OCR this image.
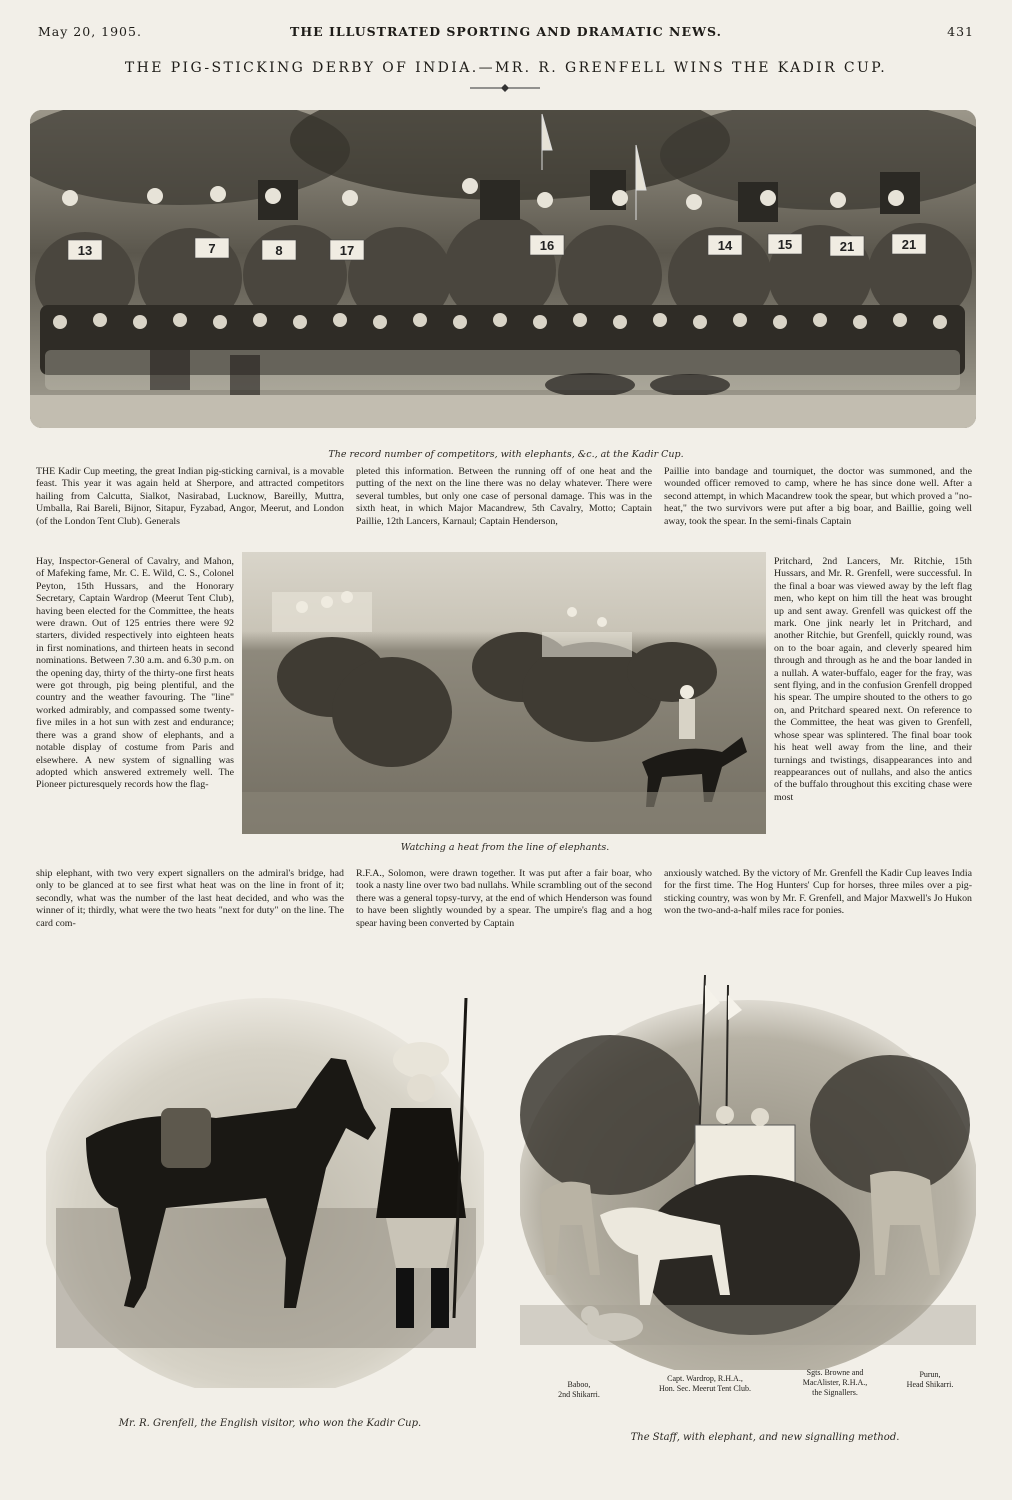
May 20, 1905.	THE ILLUSTRATED SPORTING AND DRAMATIC NEWS.	431
THE PIG-STICKING DERBY OF INDIA.—MR. R. GRENFELL WINS THE KADIR CUP.
13	7	8	17	16	14	15	21	21
The record number of competitors, with elephants, &c., at the Kadir Cup.
THE Kadir Cup meeting, the great Indian pig-sticking carnival, is a movable feast. This year it was again held at Sherpore, and attracted competitors hailing from Calcutta, Sialkot, Nasirabad, Lucknow, Bareilly, Muttra, Umballa, Rai Bareli, Bijnor, Sitapur, Fyzabad, Angor, Meerut, and London (of the London Tent Club). Generals
pleted this information. Between the running off of one heat and the putting of the next on the line there was no delay whatever. There were several tumbles, but only one case of personal damage. This was in the sixth heat, in which Major Macandrew, 5th Cavalry, Motto; Captain Paillie, 12th Lancers, Karnaul; Captain Henderson,
Paillie into bandage and tourniquet, the doctor was summoned, and the wounded officer removed to camp, where he has since done well. After a second attempt, in which Macandrew took the spear, but which proved a "no-heat," the two survivors were put after a big boar, and Baillie, going well away, took the spear. In the semi-finals Captain
Hay, Inspector-General of Cavalry, and Mahon, of Mafeking fame, Mr. C. E. Wild, C. S., Colonel Peyton, 15th Hussars, and the Honorary Secretary, Captain Wardrop (Meerut Tent Club), having been elected for the Committee, the heats were drawn. Out of 125 entries there were 92 starters, divided respectively into eighteen heats in first nominations, and thirteen heats in second nominations. Between 7.30 a.m. and 6.30 p.m. on the opening day, thirty of the thirty-one first heats were got through, pig being plentiful, and the country and the weather favouring. The "line" worked admirably, and compassed some twenty-five miles in a hot sun with zest and endurance; there was a grand show of elephants, and a notable display of costume from Paris and elsewhere. A new system of signalling was adopted which answered extremely well. The Pioneer picturesquely records how the flag-
Watching a heat from the line of elephants.
Pritchard, 2nd Lancers, Mr. Ritchie, 15th Hussars, and Mr. R. Grenfell, were successful. In the final a boar was viewed away by the left flag men, who kept on him till the heat was brought up and sent away. Grenfell was quickest off the mark. One jink nearly let in Pritchard, and another Ritchie, but Grenfell, quickly round, was on to the boar again, and cleverly speared him through and through as he and the boar landed in a nullah. A water-buffalo, eager for the fray, was sent flying, and in the confusion Grenfell dropped his spear. The umpire shouted to the others to go on, and Pritchard speared next. On reference to the Committee, the heat was given to Grenfell, whose spear was splintered. The final boar took his heat well away from the line, and their turnings and twistings, disappearances into and reappearances out of nullahs, and also the antics of the buffalo throughout this exciting chase were most
ship elephant, with two very expert signallers on the admiral's bridge, had only to be glanced at to see first what heat was on the line in front of it; secondly, what was the number of the last heat decided, and who was the winner of it; thirdly, what were the two heats "next for duty" on the line. The card com-
R.F.A., Solomon, were drawn together. It was put after a fair boar, who took a nasty line over two bad nullahs. While scrambling out of the second there was a general topsy-turvy, at the end of which Henderson was found to have been slightly wounded by a spear. The umpire's flag and a hog spear having been converted by Captain
anxiously watched. By the victory of Mr. Grenfell the Kadir Cup leaves India for the first time. The Hog Hunters' Cup for horses, three miles over a pig-sticking country, was won by Mr. F. Grenfell, and Major Maxwell's Jo Hukon won the two-and-a-half miles race for ponies.
Mr. R. Grenfell, the English visitor, who won the Kadir Cup.
Baboo,
2nd Shikarri.
Capt. Wardrop, R.H.A.,
Hon. Sec. Meerut Tent Club.
Sgts. Browne and
MacAlister, R.H.A.,
the Signallers.
Purun,
Head Shikarri.
The Staff, with elephant, and new signalling method.
